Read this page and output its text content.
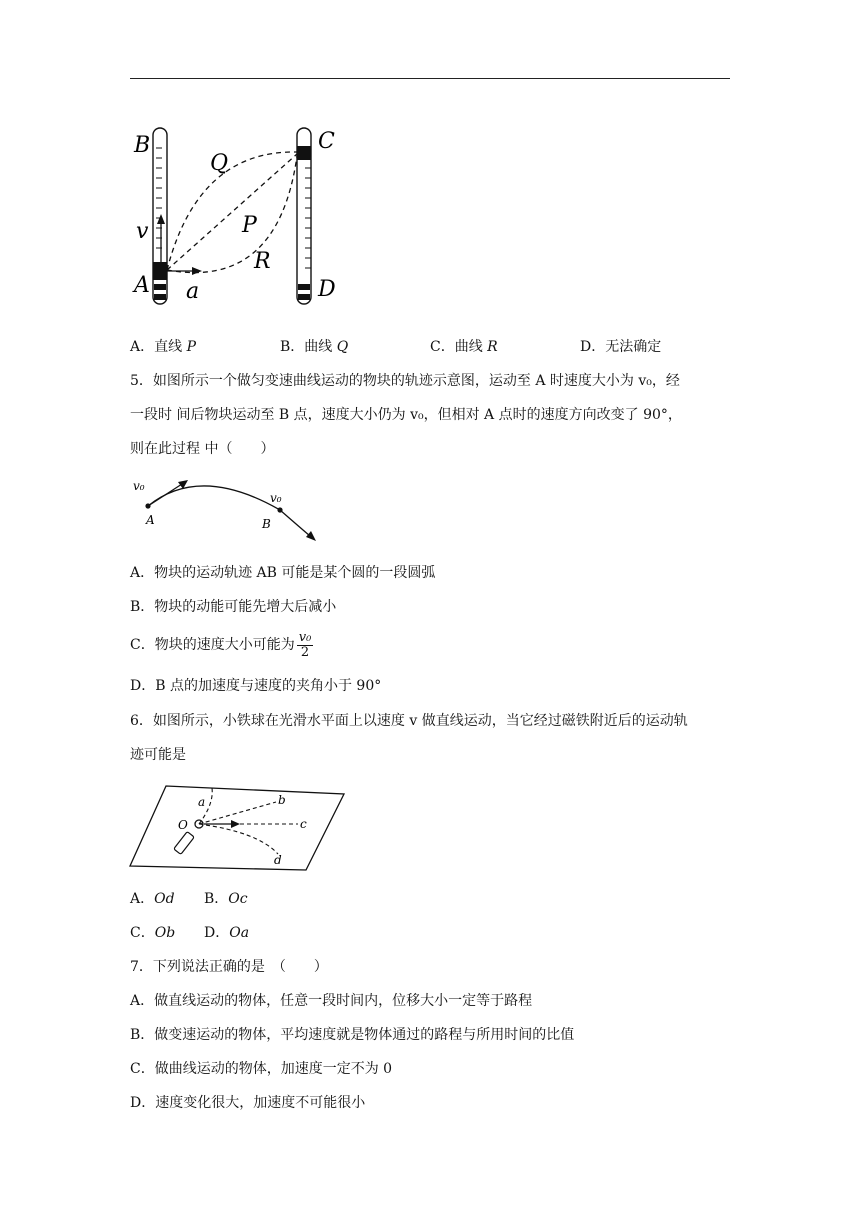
B	C
Q
v	P
R
A a	D
A．直线 P	B．曲线 Q	C．曲线 R	D．无法确定
5．如图所示一个做匀变速曲线运动的物块的轨迹示意图，运动至 A 时速度大小为 v₀，经
一段时 间后物块运动至 B 点，速度大小仍为 v₀，但相对 A 点时的速度方向改变了 90°，
则在此过程 中（　　）
v₀
A
v₀
B
A．物块的运动轨迹 AB 可能是某个圆的一段圆弧
B．物块的动能可能先增大后减小
C．物块的速度大小可能为 $\frac{\text{v₀}}{2}$
D．B 点的加速度与速度的夹角小于 90°
6．如图所示，小铁球在光滑水平面上以速度 v 做直线运动，当它经过磁铁附近后的运动轨
迹可能是
O
a	b
c
d
A．Od B．Oc
C．Ob D．Oa
7．下列说法正确的是　（　　）
A．做直线运动的物体，任意一段时间内，位移大小一定等于路程
B．做变速运动的物体，平均速度就是物体通过的路程与所用时间的比值
C．做曲线运动的物体，加速度一定不为 0
D．速度变化很大，加速度不可能很小
